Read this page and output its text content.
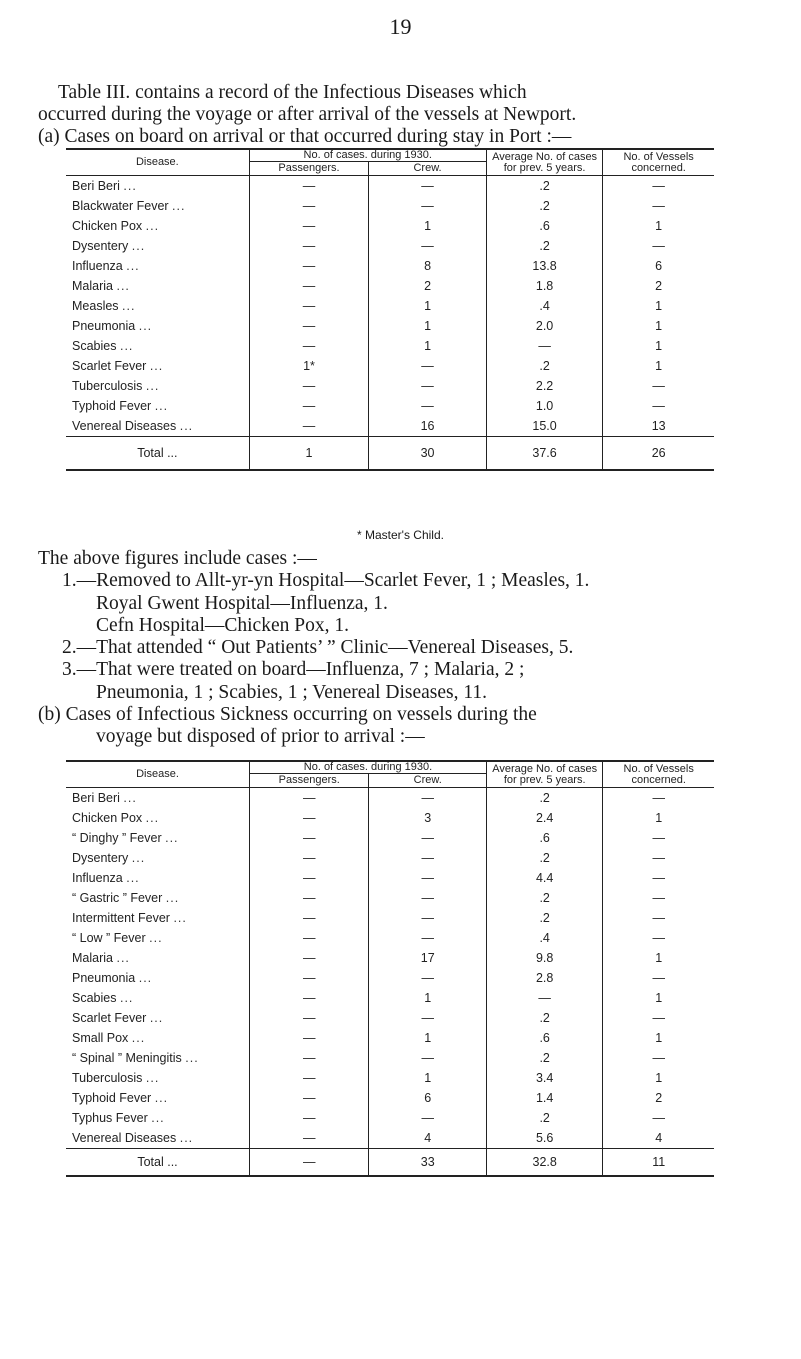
19

Table III. contains a record of the Infectious Diseases which

occurred during the voyage or after arrival of the vessels at Newport.

(a) Cases on board on arrival or that occurred during stay in Port :—

Disease.	No. of cases. during 1930.		Average No. of cases for prev. 5 years.	No. of Vessels concerned.
	Passengers.	Crew.		
Beri Beri ...	—	—	.2	—
Blackwater Fever ...	—	—	.2	—
Chicken Pox ...	—	1	.6	1
Dysentery ...	—	—	.2	—
Influenza ...	—	8	13.8	6
Malaria ...	—	2	1.8	2
Measles ...	—	1	.4	1
Pneumonia ...	—	1	2.0	1
Scabies ...	—	1	—	1
Scarlet Fever ...	1*	—	.2	1
Tuberculosis ...	—	—	2.2	—
Typhoid Fever ...	—	—	1.0	—
Venereal Diseases ...	—	16	15.0	13
Total ...	1	30	37.6	26
* Master's Child.

The above figures include cases :—

1.—Removed to Allt-yr-yn Hospital—Scarlet Fever, 1 ; Measles, 1.

Royal Gwent Hospital—Influenza, 1.

Cefn Hospital—Chicken Pox, 1.

2.—That attended “ Out Patients’ ” Clinic—Venereal Diseases, 5.

3.—That were treated on board—Influenza, 7 ; Malaria, 2 ;

Pneumonia, 1 ; Scabies, 1 ; Venereal Diseases, 11.

(b) Cases of Infectious Sickness occurring on vessels during the

voyage but disposed of prior to arrival :—

Disease.	No. of cases. during 1930.		Average No. of cases for prev. 5 years.	No. of Vessels concerned.
	Passengers.	Crew.		
Beri Beri ...	—	—	.2	—
Chicken Pox ...	—	3	2.4	1
“ Dinghy ” Fever ...	—	—	.6	—
Dysentery ...	—	—	.2	—
Influenza ...	—	—	4.4	—
“ Gastric ” Fever ...	—	—	.2	—
Intermittent Fever ...	—	—	.2	—
“ Low ” Fever ...	—	—	.4	—
Malaria ...	—	17	9.8	1
Pneumonia ...	—	—	2.8	—
Scabies ...	—	1	—	1
Scarlet Fever ...	—	—	.2	—
Small Pox ...	—	1	.6	1
“ Spinal ” Meningitis ...	—	—	.2	—
Tuberculosis ...	—	1	3.4	1
Typhoid Fever ...	—	6	1.4	2
Typhus Fever ...	—	—	.2	—
Venereal Diseases ...	—	4	5.6	4
Total ...	—	33	32.8	11
